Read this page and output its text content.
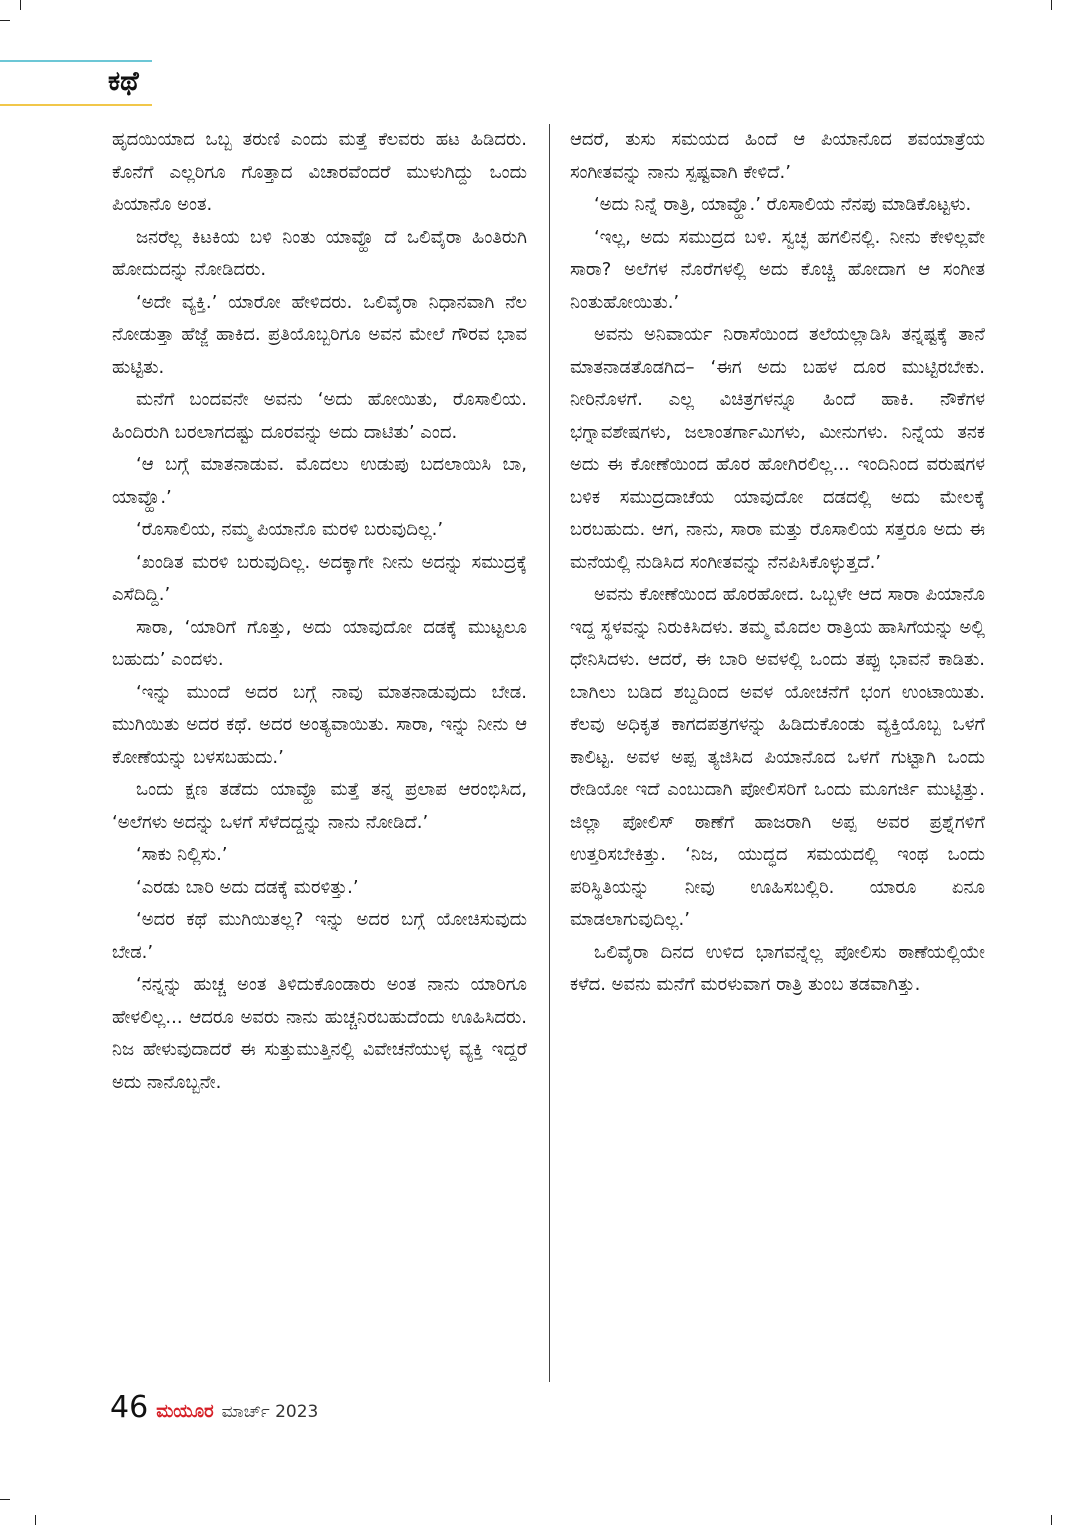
ಕಥೆ

ಹೃದಯಿಯಾದ ಒಬ್ಬ ತರುಣಿ ಎಂದು ಮತ್ತೆ ಕೆಲವರು ಹಟ ಹಿಡಿದರು. ಕೊನೆಗೆ ಎಲ್ಲರಿಗೂ ಗೊತ್ತಾದ ವಿಚಾರವೆಂದರೆ ಮುಳುಗಿದ್ದು ಒಂದು ಪಿಯಾನೊ ಅಂತ.

ಜನರೆಲ್ಲ ಕಿಟಕಿಯ ಬಳಿ ನಿಂತು ಯಾವ್ಹೊ ದೆ ಒಲಿವೈರಾ ಹಿಂತಿರುಗಿ ಹೋದುದನ್ನು ನೋಡಿದರು.

‘ಅದೇ ವ್ಯಕ್ತಿ.’ ಯಾರೋ ಹೇಳಿದರು. ಒಲಿವೈರಾ ನಿಧಾನವಾಗಿ ನೆಲ ನೋಡುತ್ತಾ ಹೆಜ್ಜೆ ಹಾಕಿದ. ಪ್ರತಿಯೊಬ್ಬರಿಗೂ ಅವನ ಮೇಲೆ ಗೌರವ ಭಾವ ಹುಟ್ಟಿತು.

ಮನೆಗೆ ಬಂದವನೇ ಅವನು ‘ಅದು ಹೋಯಿತು, ರೊಸಾಲಿಯ. ಹಿಂದಿರುಗಿ ಬರಲಾಗದಷ್ಟು ದೂರವನ್ನು ಅದು ದಾಟಿತು’ ಎಂದ.

‘ಆ ಬಗ್ಗೆ ಮಾತನಾಡುವ. ಮೊದಲು ಉಡುಪು ಬದಲಾಯಿಸಿ ಬಾ, ಯಾವ್ಹೊ.’

‘ರೊಸಾಲಿಯ, ನಮ್ಮ ಪಿಯಾನೊ ಮರಳಿ ಬರುವುದಿಲ್ಲ.’

‘ಖಂಡಿತ ಮರಳಿ ಬರುವುದಿಲ್ಲ. ಅದಕ್ಕಾಗೇ ನೀನು ಅದನ್ನು ಸಮುದ್ರಕ್ಕೆ ಎಸೆದಿದ್ದಿ.’

ಸಾರಾ, ‘ಯಾರಿಗೆ ಗೊತ್ತು, ಅದು ಯಾವುದೋ ದಡಕ್ಕೆ ಮುಟ್ಟಲೂ ಬಹುದು’ ಎಂದಳು.

‘ಇನ್ನು ಮುಂದೆ ಅದರ ಬಗ್ಗೆ ನಾವು ಮಾತನಾಡುವುದು ಬೇಡ. ಮುಗಿಯಿತು ಅದರ ಕಥೆ. ಅದರ ಅಂತ್ಯವಾಯಿತು. ಸಾರಾ, ಇನ್ನು ನೀನು ಆ ಕೋಣೆಯನ್ನು ಬಳಸಬಹುದು.’

ಒಂದು ಕ್ಷಣ ತಡೆದು ಯಾವ್ಹೊ ಮತ್ತೆ ತನ್ನ ಪ್ರಲಾಪ ಆರಂಭಿಸಿದ, ‘ಅಲೆಗಳು ಅದನ್ನು ಒಳಗೆ ಸೆಳೆದದ್ದನ್ನು ನಾನು ನೋಡಿದೆ.’

‘ಸಾಕು ನಿಲ್ಲಿಸು.’

‘ಎರಡು ಬಾರಿ ಅದು ದಡಕ್ಕೆ ಮರಳಿತ್ತು.’

‘ಅದರ ಕಥೆ ಮುಗಿಯಿತಲ್ಲ? ಇನ್ನು ಅದರ ಬಗ್ಗೆ ಯೋಚಿಸುವುದು ಬೇಡ.’

‘ನನ್ನನ್ನು ಹುಚ್ಚ ಅಂತ ತಿಳಿದುಕೊಂಡಾರು ಅಂತ ನಾನು ಯಾರಿಗೂ ಹೇಳಲಿಲ್ಲ... ಆದರೂ ಅವರು ನಾನು ಹುಚ್ಚನಿರಬಹುದೆಂದು ಊಹಿಸಿದರು. ನಿಜ ಹೇಳುವುದಾದರೆ ಈ ಸುತ್ತುಮುತ್ತಿನಲ್ಲಿ ವಿವೇಚನೆಯುಳ್ಳ ವ್ಯಕ್ತಿ ಇದ್ದರೆ ಅದು ನಾನೊಬ್ಬನೇ.

ಆದರೆ, ತುಸು ಸಮಯದ ಹಿಂದೆ ಆ ಪಿಯಾನೊದ ಶವಯಾತ್ರೆಯ ಸಂಗೀತವನ್ನು ನಾನು ಸ್ಪಷ್ಟವಾಗಿ ಕೇಳಿದೆ.’

‘ಅದು ನಿನ್ನೆ ರಾತ್ರಿ, ಯಾವ್ಹೊ.’ ರೊಸಾಲಿಯ ನೆನಪು ಮಾಡಿಕೊಟ್ಟಳು.

‘ಇಲ್ಲ, ಅದು ಸಮುದ್ರದ ಬಳಿ. ಸ್ವಚ್ಛ ಹಗಲಿನಲ್ಲಿ. ನೀನು ಕೇಳಿಲ್ಲವೇ ಸಾರಾ? ಅಲೆಗಳ ನೊರೆಗಳಲ್ಲಿ ಅದು ಕೊಚ್ಚಿ ಹೋದಾಗ ಆ ಸಂಗೀತ ನಿಂತುಹೋಯಿತು.’

ಅವನು ಅನಿವಾರ್ಯ ನಿರಾಸೆಯಿಂದ ತಲೆಯಲ್ಲಾಡಿಸಿ ತನ್ನಷ್ಟಕ್ಕೆ ತಾನೆ ಮಾತನಾಡತೊಡಗಿದ– ‘ಈಗ ಅದು ಬಹಳ ದೂರ ಮುಟ್ಟಿರಬೇಕು. ನೀರಿನೊಳಗೆ. ಎಲ್ಲ ವಿಚಿತ್ರಗಳನ್ನೂ ಹಿಂದೆ ಹಾಕಿ. ನೌಕೆಗಳ ಭಗ್ನಾವಶೇಷಗಳು, ಜಲಾಂತರ್ಗಾಮಿಗಳು, ಮೀನುಗಳು. ನಿನ್ನೆಯ ತನಕ ಅದು ಈ ಕೋಣೆಯಿಂದ ಹೊರ ಹೋಗಿರಲಿಲ್ಲ... ಇಂದಿನಿಂದ ವರುಷಗಳ ಬಳಿಕ ಸಮುದ್ರದಾಚೆಯ ಯಾವುದೋ ದಡದಲ್ಲಿ ಅದು ಮೇಲಕ್ಕೆ ಬರಬಹುದು. ಆಗ, ನಾನು, ಸಾರಾ ಮತ್ತು ರೊಸಾಲಿಯ ಸತ್ತರೂ ಅದು ಈ ಮನೆಯಲ್ಲಿ ನುಡಿಸಿದ ಸಂಗೀತವನ್ನು ನೆನಪಿಸಿಕೊಳ್ಳುತ್ತದೆ.’

ಅವನು ಕೋಣೆಯಿಂದ ಹೊರಹೋದ. ಒಬ್ಬಳೇ ಆದ ಸಾರಾ ಪಿಯಾನೊ ಇದ್ದ ಸ್ಥಳವನ್ನು ನಿರುಕಿಸಿದಳು. ತಮ್ಮ ಮೊದಲ ರಾತ್ರಿಯ ಹಾಸಿಗೆಯನ್ನು ಅಲ್ಲಿ ಧೇನಿಸಿದಳು. ಆದರೆ, ಈ ಬಾರಿ ಅವಳಲ್ಲಿ ಒಂದು ತಪ್ಪು ಭಾವನೆ ಕಾಡಿತು. ಬಾಗಿಲು ಬಡಿದ ಶಬ್ದದಿಂದ ಅವಳ ಯೋಚನೆಗೆ ಭಂಗ ಉಂಟಾಯಿತು. ಕೆಲವು ಅಧಿಕೃತ ಕಾಗದಪತ್ರಗಳನ್ನು ಹಿಡಿದುಕೊಂಡು ವ್ಯಕ್ತಿಯೊಬ್ಬ ಒಳಗೆ ಕಾಲಿಟ್ಟ. ಅವಳ ಅಪ್ಪ ತ್ಯಜಿಸಿದ ಪಿಯಾನೊದ ಒಳಗೆ ಗುಟ್ಟಾಗಿ ಒಂದು ರೇಡಿಯೋ ಇದೆ ಎಂಬುದಾಗಿ ಪೋಲಿಸರಿಗೆ ಒಂದು ಮೂಗರ್ಜಿ ಮುಟ್ಟಿತ್ತು. ಜಿಲ್ಲಾ ಪೋಲಿಸ್ ಠಾಣೆಗೆ ಹಾಜರಾಗಿ ಅಪ್ಪ ಅವರ ಪ್ರಶ್ನೆಗಳಿಗೆ ಉತ್ತರಿಸಬೇಕಿತ್ತು. ‘ನಿಜ, ಯುದ್ಧದ ಸಮಯದಲ್ಲಿ ಇಂಥ ಒಂದು ಪರಿಸ್ಥಿತಿಯನ್ನು ನೀವು ಊಹಿಸಬಲ್ಲಿರಿ. ಯಾರೂ ಏನೂ ಮಾಡಲಾಗುವುದಿಲ್ಲ.’

ಒಲಿವೈರಾ ದಿನದ ಉಳಿದ ಭಾಗವನ್ನೆಲ್ಲ ಪೋಲಿಸು ಠಾಣೆಯಲ್ಲಿಯೇ ಕಳೆದ. ಅವನು ಮನೆಗೆ ಮರಳುವಾಗ ರಾತ್ರಿ ತುಂಬ ತಡವಾಗಿತ್ತು.

46 ಮಯೂರ ಮಾರ್ಚ್ 2023
